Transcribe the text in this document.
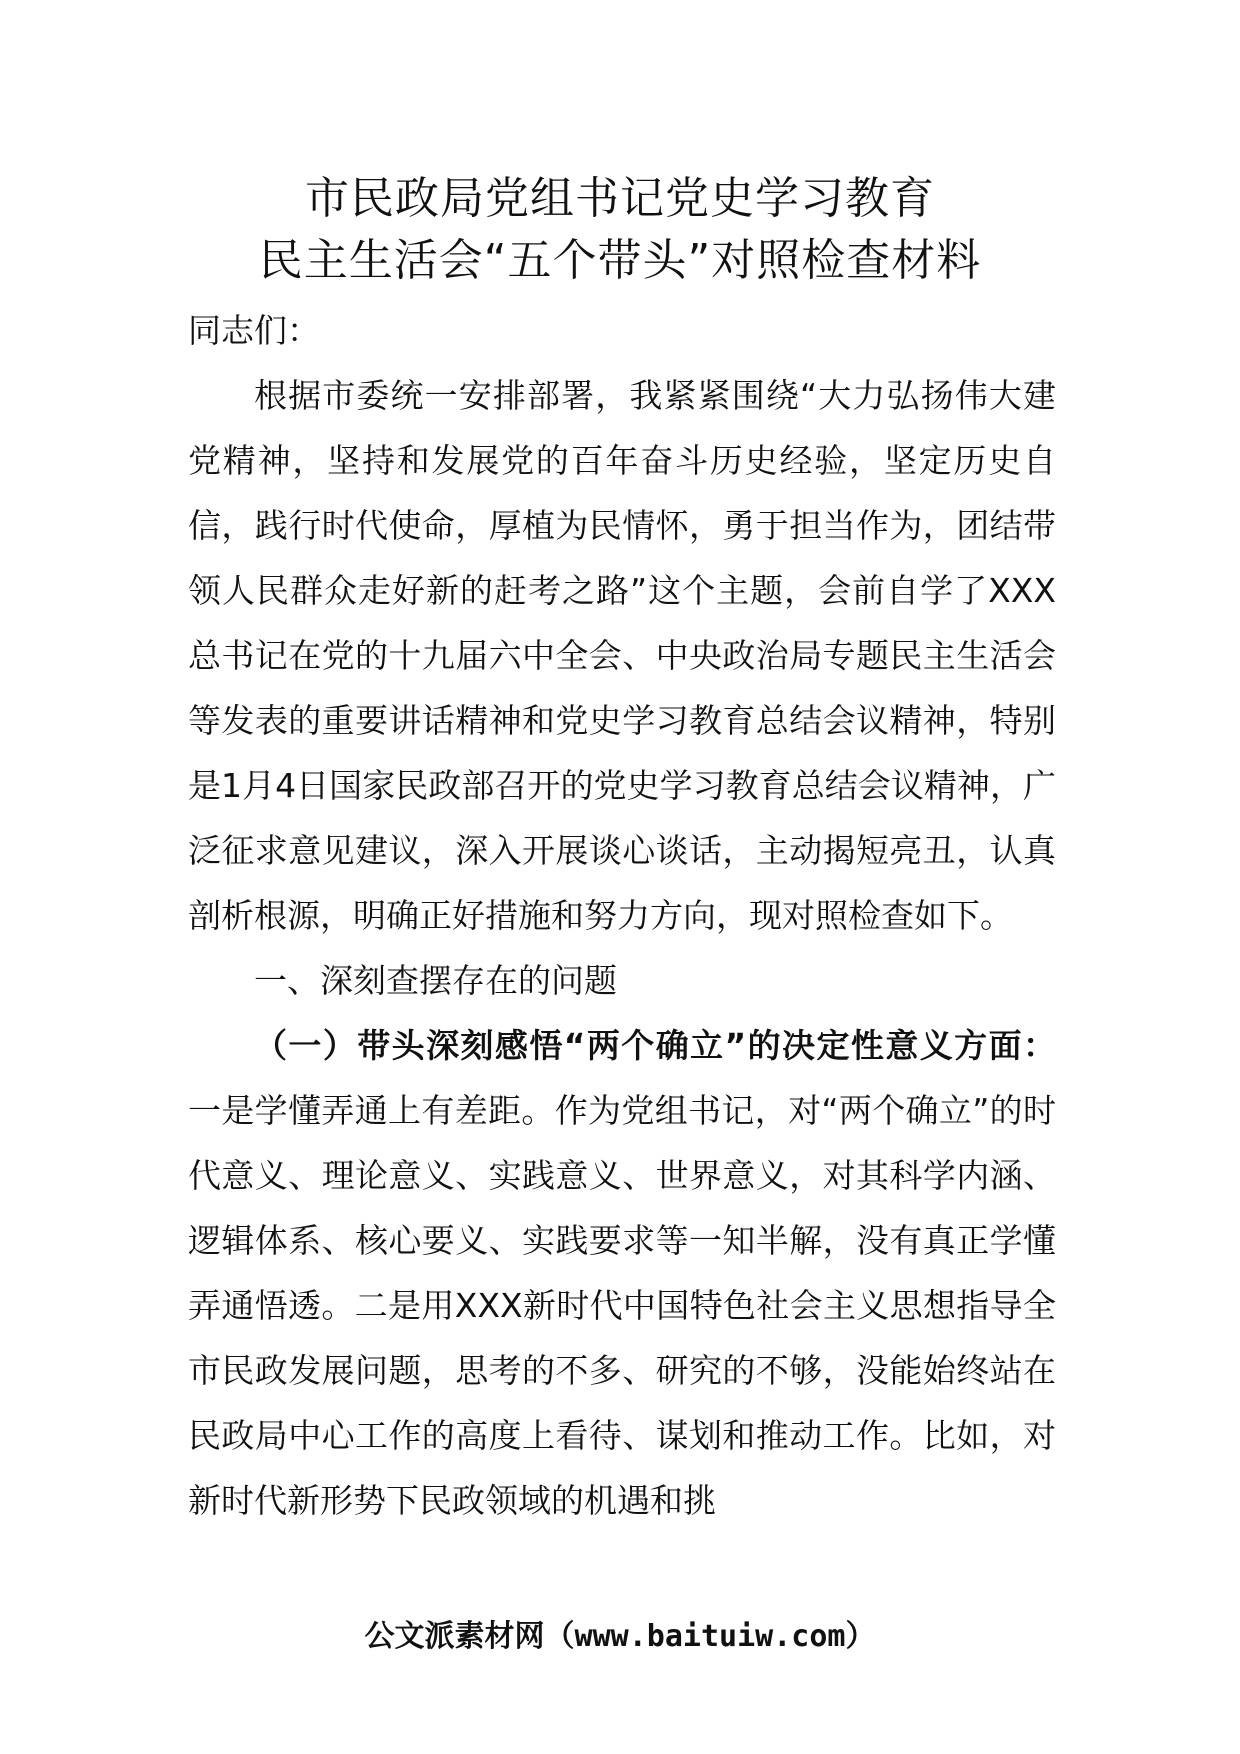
市民政局党组书记党史学习教育
民主生活会“五个带头”对照检查材料

同志们：

根据市委统一安排部署，我紧紧围绕“大力弘扬伟大建党精神，坚持和发展党的百年奋斗历史经验，坚定历史自信，践行时代使命，厚植为民情怀，勇于担当作为，团结带领人民群众走好新的赶考之路”这个主题，会前自学了XXX总书记在党的十九届六中全会、中央政治局专题民主生活会等发表的重要讲话精神和党史学习教育总结会议精神，特别是1月4日国家民政部召开的党史学习教育总结会议精神，广泛征求意见建议，深入开展谈心谈话，主动揭短亮丑，认真剖析根源，明确正好措施和努力方向，现对照检查如下。

一、深刻查摆存在的问题

（一）带头深刻感悟“两个确立”的决定性意义方面：一是学懂弄通上有差距。作为党组书记，对“两个确立”的时代意义、理论意义、实践意义、世界意义，对其科学内涵、逻辑体系、核心要义、实践要求等一知半解，没有真正学懂弄通悟透。二是用XXX新时代中国特色社会主义思想指导全市民政发展问题，思考的不多、研究的不够，没能始终站在民政局中心工作的高度上看待、谋划和推动工作。比如，对新时代新形势下民政领域的机遇和挑

公文派素材网（www.baituiw.com）
